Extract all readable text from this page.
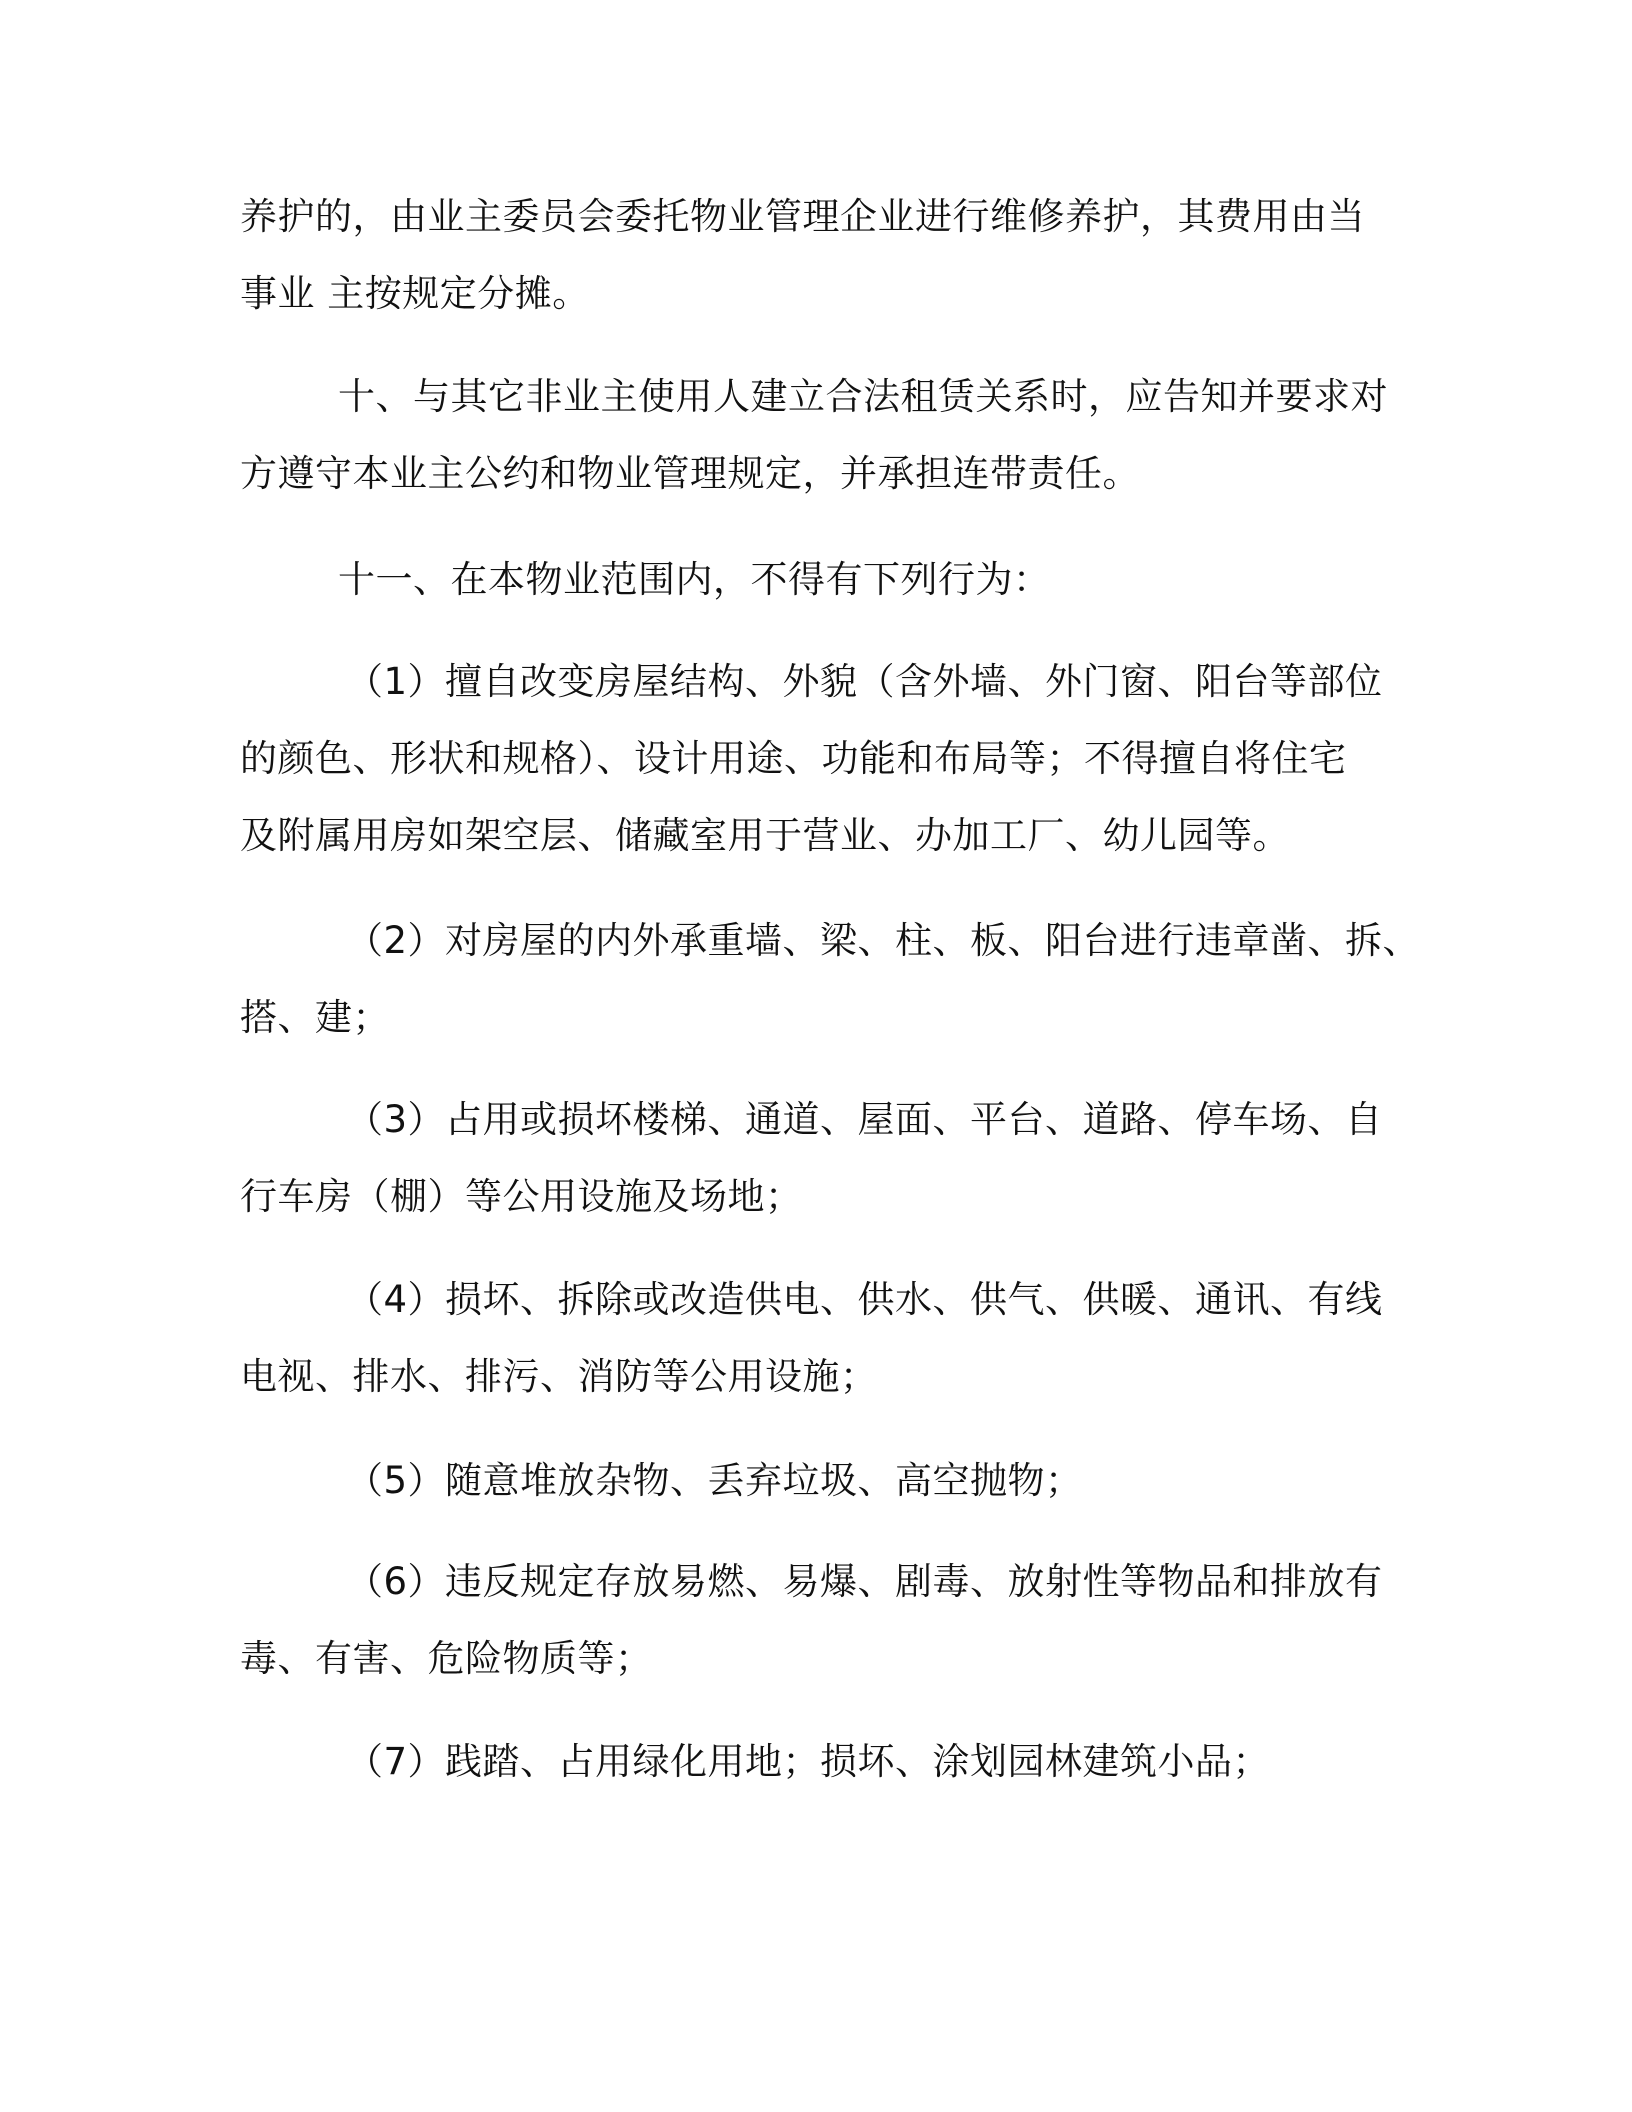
养护的，由业主委员会委托物业管理企业进行维修养护，其费用由当
事业 主按规定分摊。
十、与其它非业主使用人建立合法租赁关系时，应告知并要求对
方遵守本业主公约和物业管理规定，并承担连带责任。
十一、在本物业范围内，不得有下列行为：
（1）擅自改变房屋结构、外貌（含外墙、外门窗、阳台等部位
的颜色、形状和规格）、设计用途、功能和布局等；不得擅自将住宅
及附属用房如架空层、储藏室用于营业、办加工厂、幼儿园等。
（2）对房屋的内外承重墙、梁、柱、板、阳台进行违章凿、拆、
搭、建；
（3）占用或损坏楼梯、通道、屋面、平台、道路、停车场、自
行车房（棚）等公用设施及场地；
（4）损坏、拆除或改造供电、供水、供气、供暖、通讯、有线
电视、排水、排污、消防等公用设施；
（5）随意堆放杂物、丢弃垃圾、高空抛物；
（6）违反规定存放易燃、易爆、剧毒、放射性等物品和排放有
毒、有害、危险物质等；
（7）践踏、占用绿化用地；损坏、涂划园林建筑小品；
